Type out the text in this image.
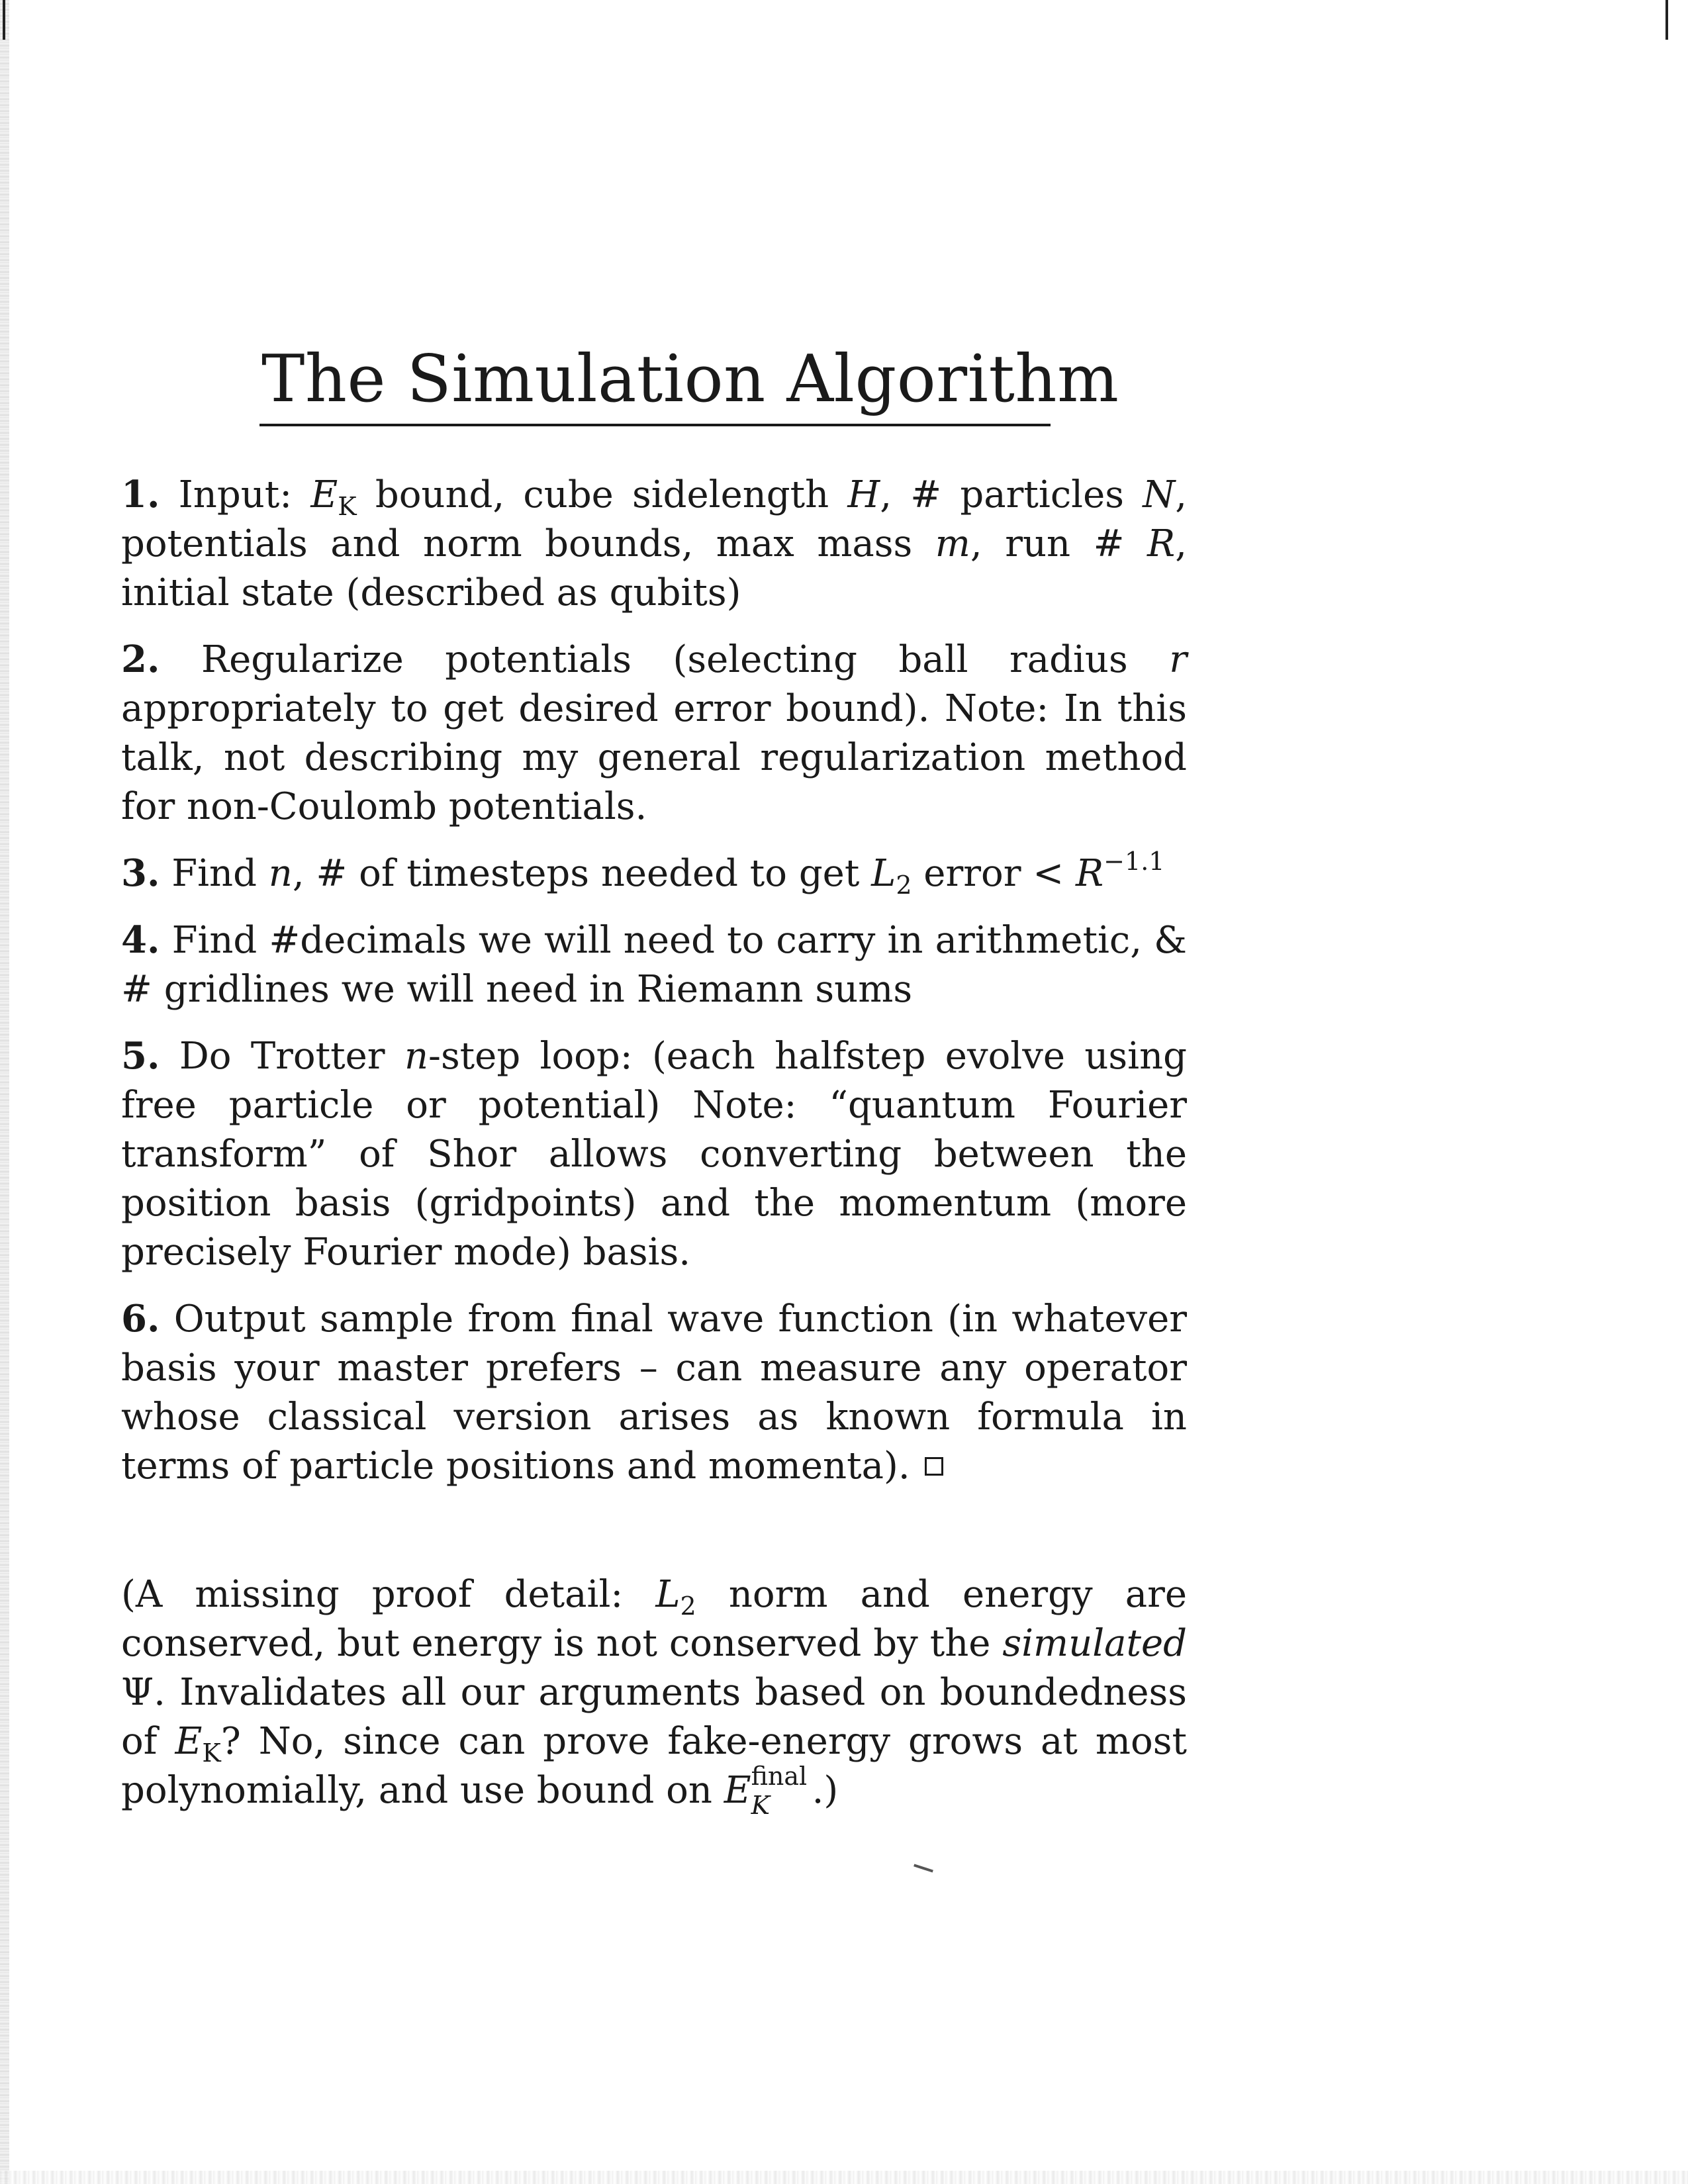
The Simulation Algorithm
1. Input: $E_K$ bound, cube sidelength H, # particles N, potentials and norm bounds, max mass m, run # R, initial state (described as qubits)
2. Regularize potentials (selecting ball radius r appropriately to get desired error bound). Note: In this talk, not describing my general regularization method for non-Coulomb potentials.
3. Find n, # of timesteps needed to get $L_2$ error < $R^{-1.1}$
4. Find #decimals we will need to carry in arithmetic, & # gridlines we will need in Riemann sums
5. Do Trotter n-step loop: (each halfstep evolve using free particle or potential) Note: “quantum Fourier transform” of Shor allows converting between the position basis (gridpoints) and the momentum (more precisely Fourier mode) basis.
6. Output sample from final wave function (in whatever basis your master prefers – can measure any operator whose classical version arises as known formula in terms of particle positions and momenta).
(A missing proof detail: $L_2$ norm and energy are conserved, but energy is not conserved by the simulated Ψ. Invalidates all our arguments based on boundedness of $E_K$? No, since can prove fake-energy grows at most polynomially, and use bound on E final
K .)
